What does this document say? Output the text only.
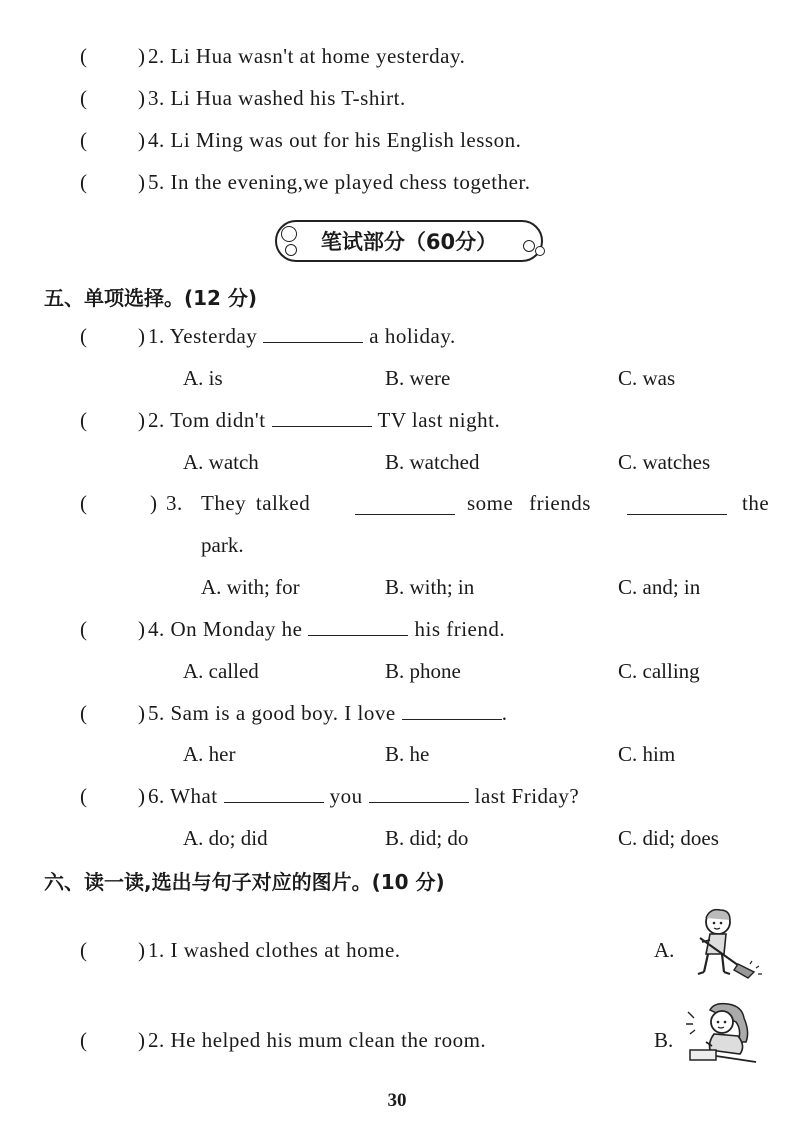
( ) 2. Li Hua wasn't at home yesterday.
( ) 3. Li Hua washed his T-shirt.
( ) 4. Li Ming was out for his English lesson.
( ) 5. In the evening,we played chess together.
笔试部分（60分）
五、单项选择。(12 分)
( ) 1. Yesterday	a holiday.
A. is	B. were	C. was
( ) 2. Tom didn't	TV last night.
A. watch	B. watched	C. watches
(	) 3. They talked	some friends	the
park.
A. with; for	B. with; in	C. and; in
( ) 4. On Monday he	his friend.
A. called	B. phone	C. calling
( ) 5. Sam is a good boy. I love	.
A. her	B. he	C. him
( ) 6. What	you	last Friday?
A. do; did	B. did; do	C. did; does
六、读一读,选出与句子对应的图片。(10 分)
( ) 1. I washed clothes at home.	A.
( ) 2. He helped his mum clean the room.	B.
30
